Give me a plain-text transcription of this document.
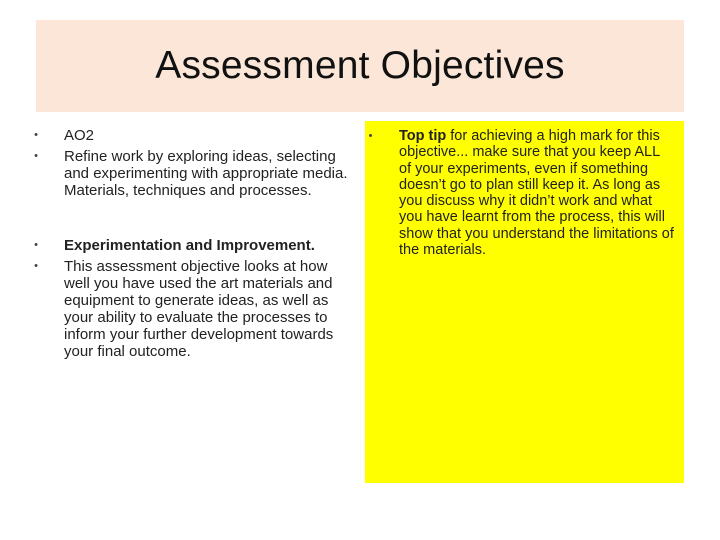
Assessment Objectives
• AO2
• Refine work by exploring ideas, selecting and experimenting with appropriate media. Materials, techniques and processes.
• Experimentation and Improvement.
• This assessment objective looks at how well you have used the art materials and equipment to generate ideas, as well as your ability to evaluate the processes to inform your further development towards your final outcome.
• Top tip for achieving a high mark for this objective... make sure that you keep ALL of your experiments, even if something doesn’t go to plan still keep it. As long as you discuss why it didn’t work and what you have learnt from the process, this will show that you understand the limitations of the materials.
